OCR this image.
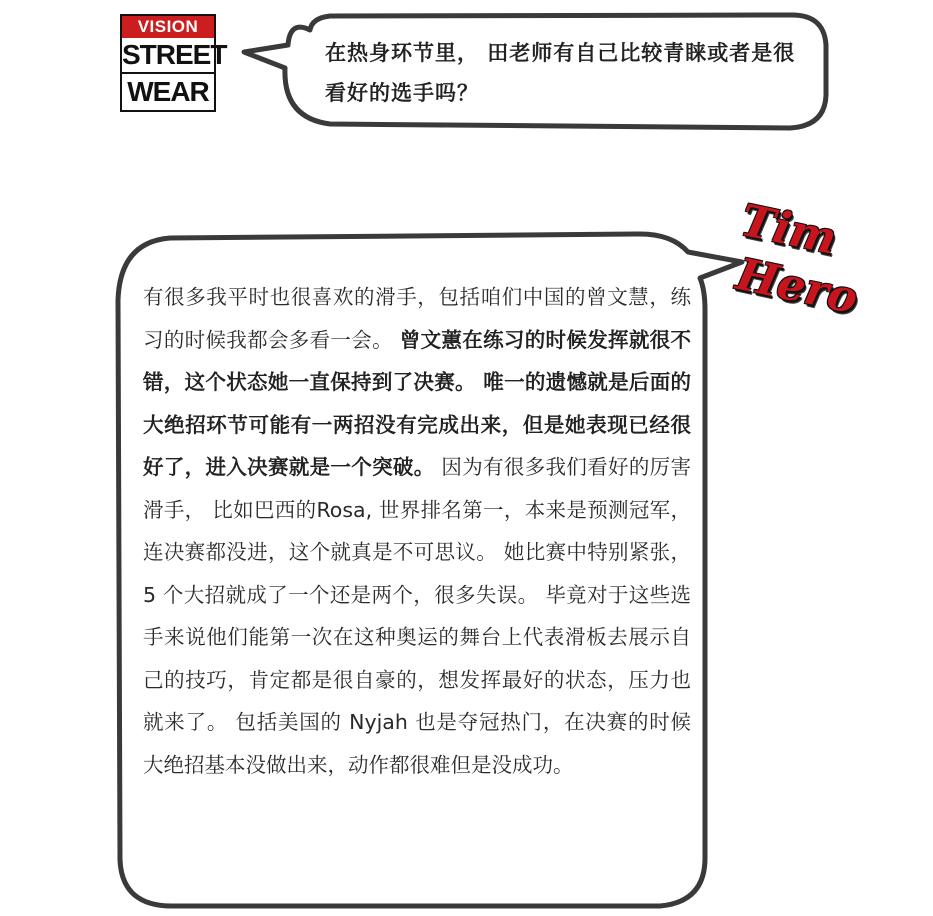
VISION
STREET
WEAR
在热身环节里， 田老师有自己比较青睐或者是很看好的选手吗？
Tim
Hero
有很多我平时也很喜欢的滑手，包括咱们中国的曾文慧，练习的时候我都会多看一会。 曾文蕙在练习的时候发挥就很不错，这个状态她一直保持到了决赛。 唯一的遗憾就是后面的大绝招环节可能有一两招没有完成出来，但是她表现已经很好了，进入决赛就是一个突破。 因为有很多我们看好的厉害滑手， 比如巴西的Rosa, 世界排名第一，本来是预测冠军，连决赛都没进，这个就真是不可思议。 她比赛中特别紧张，5 个大招就成了一个还是两个，很多失误。 毕竟对于这些选手来说他们能第一次在这种奥运的舞台上代表滑板去展示自己的技巧，肯定都是很自豪的，想发挥最好的状态，压力也就来了。 包括美国的 Nyjah 也是夺冠热门，在决赛的时候大绝招基本没做出来，动作都很难但是没成功。
